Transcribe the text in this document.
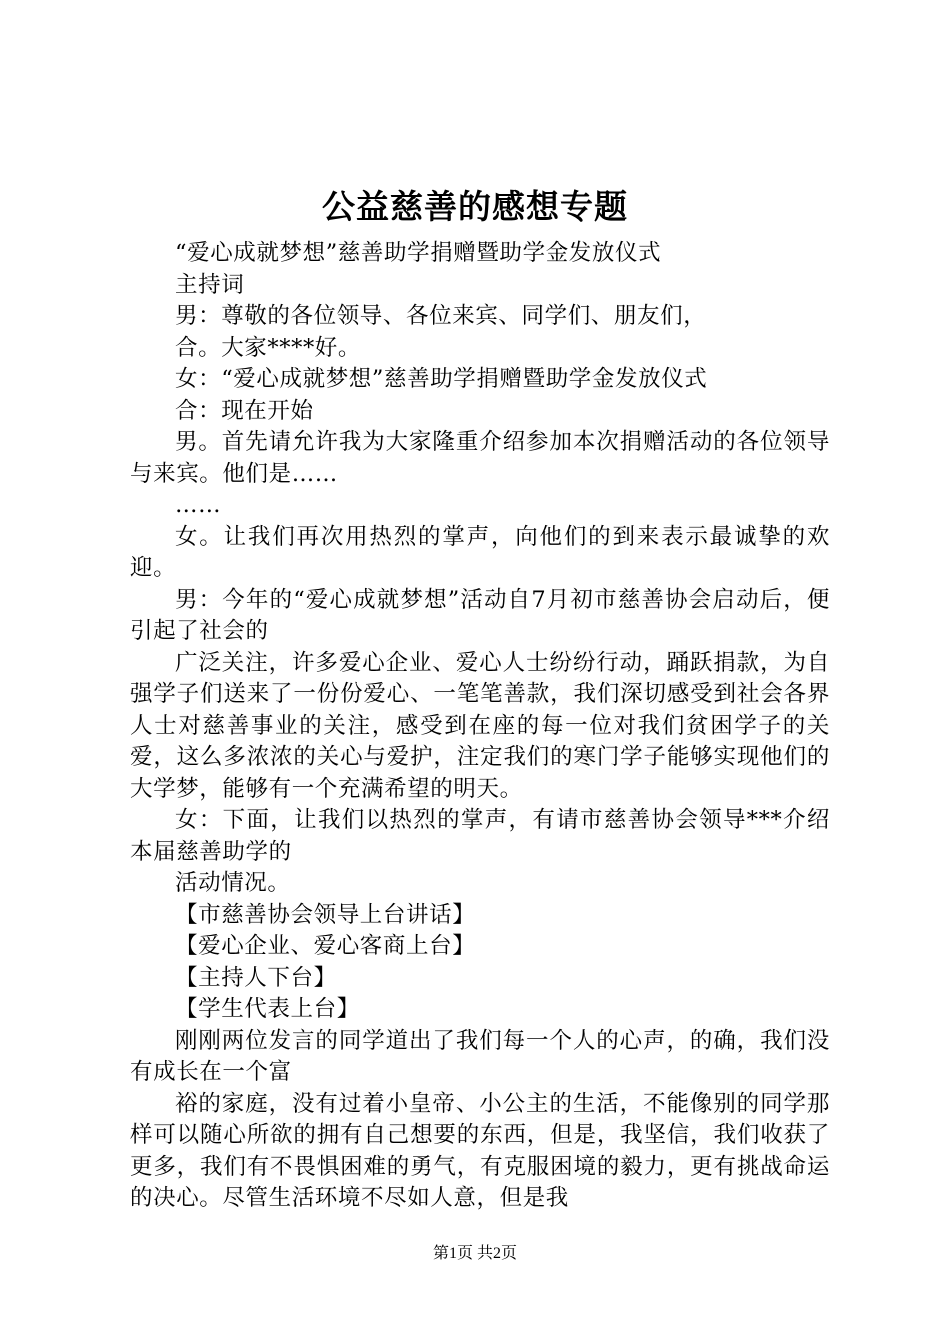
公益慈善的感想专题

“爱心成就梦想”慈善助学捐赠暨助学金发放仪式

主持词

男：尊敬的各位领导、各位来宾、同学们、朋友们，

合。大家****好。

女：“爱心成就梦想”慈善助学捐赠暨助学金发放仪式

合：现在开始

男。首先请允许我为大家隆重介绍参加本次捐赠活动的各位领导与来宾。他们是……

……

女。让我们再次用热烈的掌声，向他们的到来表示最诚挚的欢迎。

男：今年的“爱心成就梦想”活动自7月初市慈善协会启动后，便引起了社会的

广泛关注，许多爱心企业、爱心人士纷纷行动，踊跃捐款，为自强学子们送来了一份份爱心、一笔笔善款，我们深切感受到社会各界人士对慈善事业的关注，感受到在座的每一位对我们贫困学子的关爱，这么多浓浓的关心与爱护，注定我们的寒门学子能够实现他们的大学梦，能够有一个充满希望的明天。

女：下面，让我们以热烈的掌声，有请市慈善协会领导***介绍本届慈善助学的

活动情况。

【市慈善协会领导上台讲话】

【爱心企业、爱心客商上台】

【主持人下台】

【学生代表上台】

刚刚两位发言的同学道出了我们每一个人的心声，的确，我们没有成长在一个富

裕的家庭，没有过着小皇帝、小公主的生活，不能像别的同学那样可以随心所欲的拥有自己想要的东西，但是，我坚信，我们收获了更多，我们有不畏惧困难的勇气，有克服困境的毅力，更有挑战命运的决心。尽管生活环境不尽如人意，但是我

第1页 共2页
